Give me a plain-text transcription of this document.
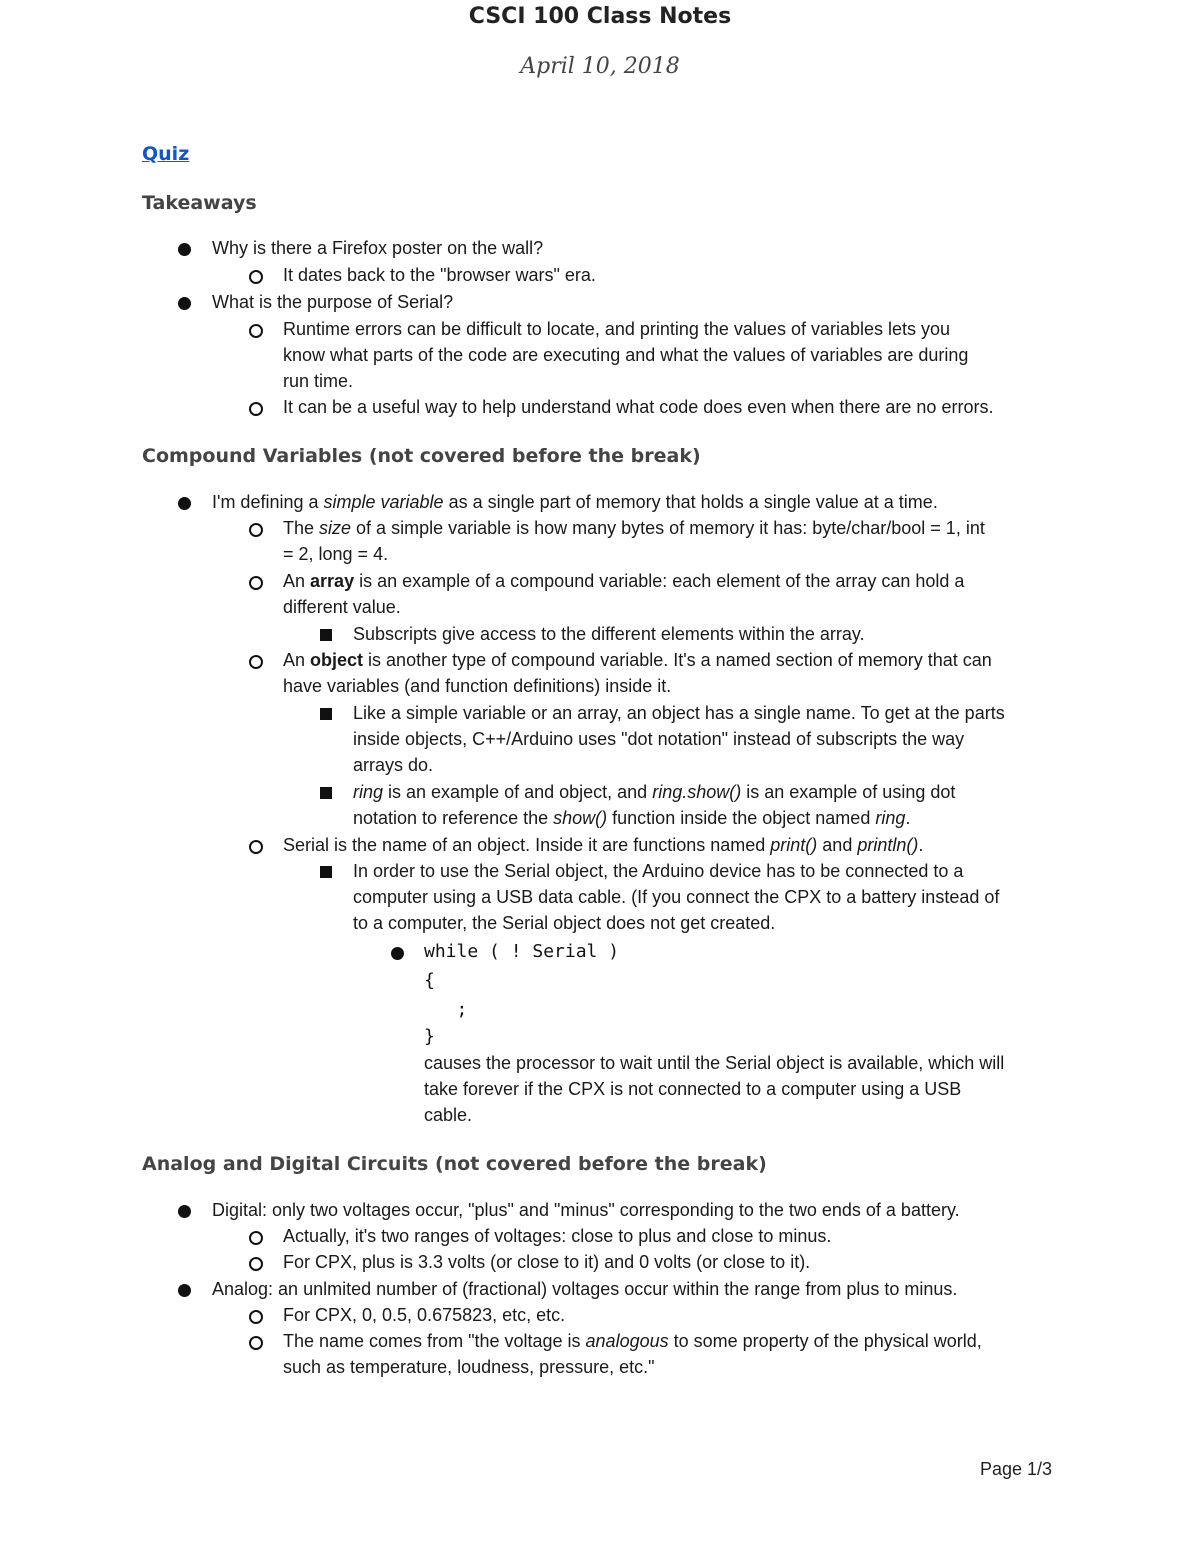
CSCI 100 Class Notes
April 10, 2018
Quiz
Takeaways
Why is there a Firefox poster on the wall?
It dates back to the "browser wars" era.
What is the purpose of Serial?
Runtime errors can be difficult to locate, and printing the values of variables lets you
know what parts of the code are executing and what the values of variables are during
run time.
It can be a useful way to help understand what code does even when there are no errors.
Compound Variables (not covered before the break)
I'm defining a simple variable as a single part of memory that holds a single value at a time.
The size of a simple variable is how many bytes of memory it has: byte/char/bool = 1, int
= 2, long = 4.
An array is an example of a compound variable: each element of the array can hold a
different value.
Subscripts give access to the different elements within the array.
An object is another type of compound variable. It's a named section of memory that can
have variables (and function definitions) inside it.
Like a simple variable or an array, an object has a single name. To get at the parts
inside objects, C++/Arduino uses "dot notation" instead of subscripts the way
arrays do.
ring is an example of and object, and ring.show() is an example of using dot
notation to reference the show() function inside the object named ring.
Serial is the name of an object. Inside it are functions named print() and println().
In order to use the Serial object, the Arduino device has to be connected to a
computer using a USB data cable. (If you connect the CPX to a battery instead of
to a computer, the Serial object does not get created.
while ( ! Serial )
{
;
}
causes the processor to wait until the Serial object is available, which will
take forever if the CPX is not connected to a computer using a USB
cable.
Analog and Digital Circuits (not covered before the break)
Digital: only two voltages occur, "plus" and "minus" corresponding to the two ends of a battery.
Actually, it's two ranges of voltages: close to plus and close to minus.
For CPX, plus is 3.3 volts (or close to it) and 0 volts (or close to it).
Analog: an unlmited number of (fractional) voltages occur within the range from plus to minus.
For CPX, 0, 0.5, 0.675823, etc, etc.
The name comes from "the voltage is analogous to some property of the physical world,
such as temperature, loudness, pressure, etc."
Page 1/3
